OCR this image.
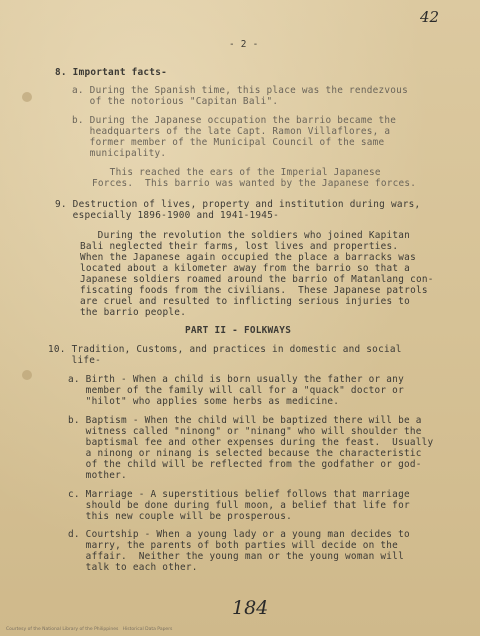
42
- 2 -
8. Important facts-
a. During the Spanish time, this place was the rendezvous
of the notorious "Capitan Bali".
b. During the Japanese occupation the barrio became the
headquarters of the late Capt. Ramon Villaflores, a
former member of the Municipal Council of the same
municipality.
This reached the ears of the Imperial Japanese
Forces.  This barrio was wanted by the Japanese forces.
9. Destruction of lives, property and institution during wars,
especially 1896-1900 and 1941-1945-
During the revolution the soldiers who joined Kapitan
Bali neglected their farms, lost lives and properties.
When the Japanese again occupied the place a barracks was
located about a kilometer away from the barrio so that a
Japanese soldiers roamed around the barrio of Matanlang con-
fiscating foods from the civilians.  These Japanese patrols
are cruel and resulted to inflicting serious injuries to
the barrio people.
PART II - FOLKWAYS
10. Tradition, Customs, and practices in domestic and social
life-
a. Birth - When a child is born usually the father or any
member of the family will call for a "quack" doctor or
"hilot" who applies some herbs as medicine.
b. Baptism - When the child will be baptized there will be a
witness called "ninong" or "ninang" who will shoulder the
baptismal fee and other expenses during the feast.  Usually
a ninong or ninang is selected because the characteristic
of the child will be reflected from the godfather or god-
mother.
c. Marriage - A superstitious belief follows that marriage
should be done during full moon, a belief that life for
this new couple will be prosperous.
d. Courtship - When a young lady or a young man decides to
marry, the parents of both parties will decide on the
affair.  Neither the young man or the young woman will
talk to each other.
184
Courtesy of the National Library of the Philippines   Historical Data Papers
